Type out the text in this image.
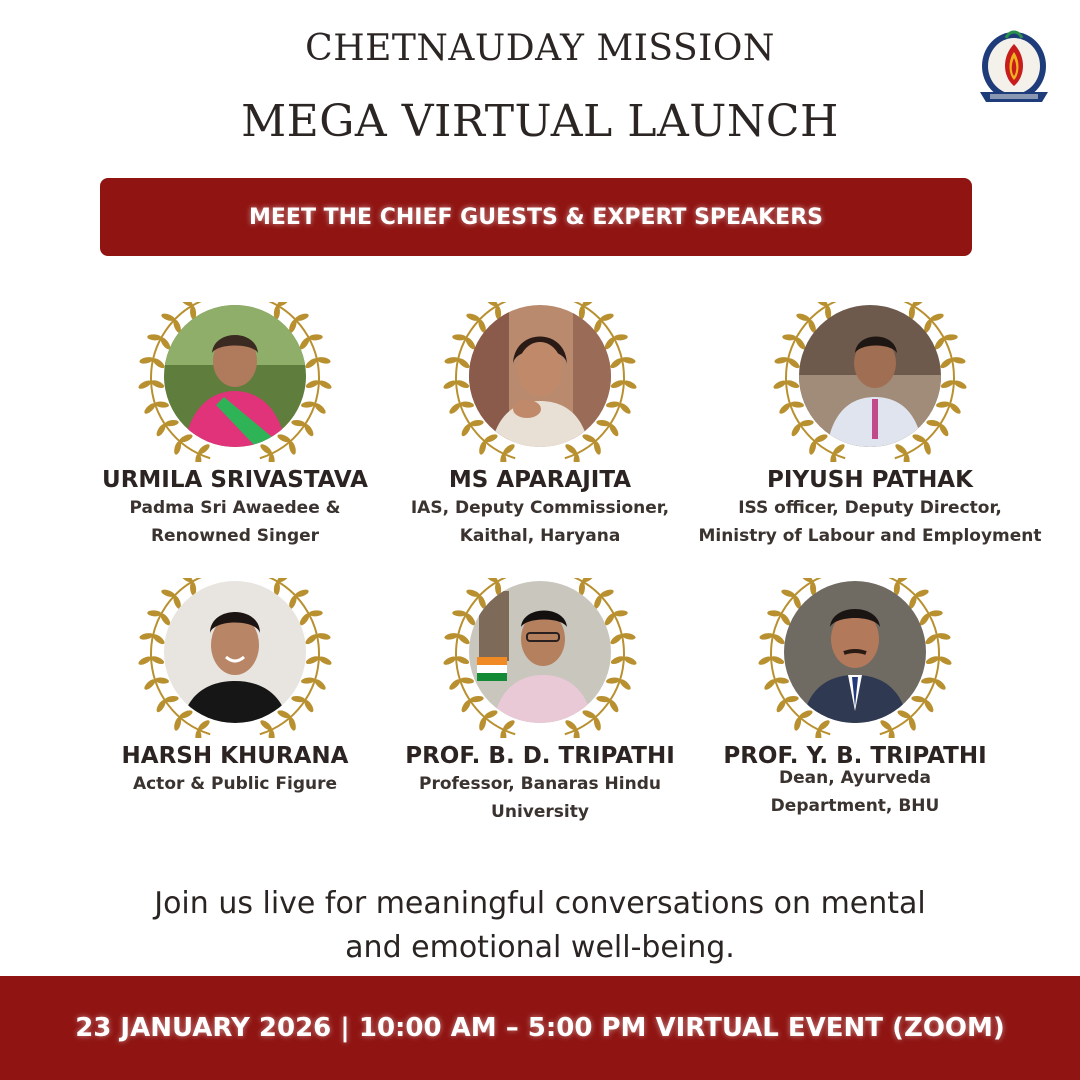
CHETNAUDAY MISSION
MEGA VIRTUAL LAUNCH
MEET THE CHIEF GUESTS & EXPERT SPEAKERS
URMILA SRIVASTAVA
Padma Sri Awaedee &
Renowned Singer
MS APARAJITA
IAS, Deputy Commissioner,
Kaithal, Haryana
PIYUSH PATHAK
ISS officer, Deputy Director,
Ministry of Labour and Employment
HARSH KHURANA
Actor & Public Figure
PROF. B. D. TRIPATHI
Professor, Banaras Hindu
University
PROF. Y. B. TRIPATHI
Dean, Ayurveda
Department, BHU
Join us live for meaningful conversations on mental
and emotional well-being.
23 JANUARY 2026 | 10:00 AM – 5:00 PM VIRTUAL EVENT (ZOOM)
